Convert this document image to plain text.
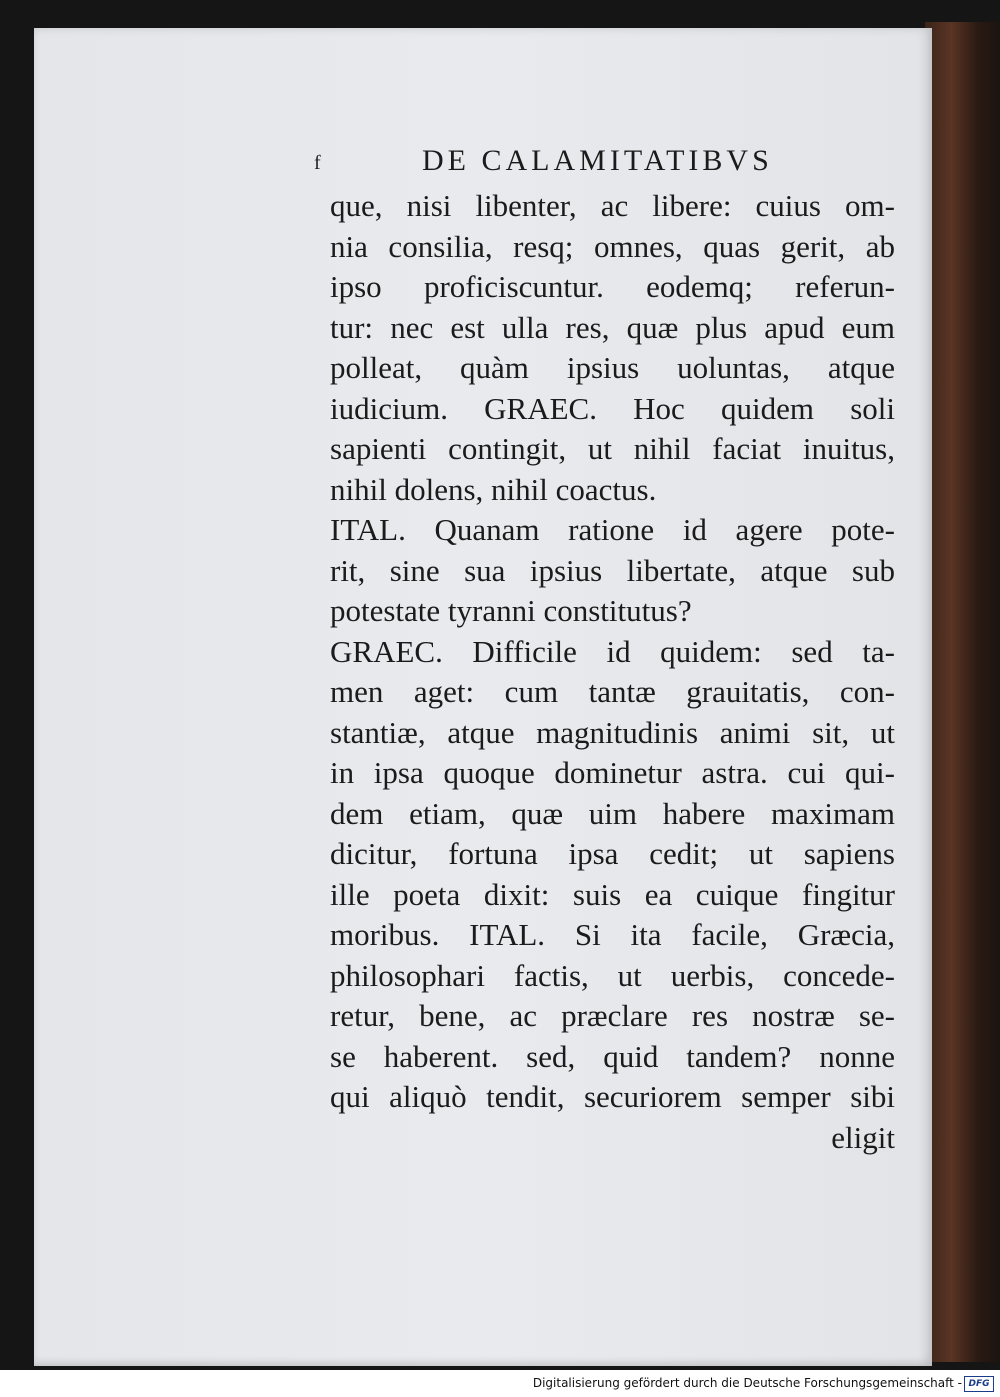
f	DE CALAMITATIBVS
que, nisi libenter, ac libere: cuius om-
nia consilia, resq; omnes, quas gerit, ab
ipso proficiscuntur. eodemq; referun-
tur: nec est ulla res, quæ plus apud eum
polleat, quàm ipsius uoluntas, atque
iudicium. GRAEC. Hoc quidem soli
sapienti contingit, ut nihil faciat inuitus,
nihil dolens, nihil coactus.
ITAL. Quanam ratione id agere pote-
rit, sine sua ipsius libertate, atque sub
potestate tyranni constitutus?
GRAEC. Difficile id quidem: sed ta-
men aget: cum tantæ grauitatis, con-
stantiæ, atque magnitudinis animi sit, ut
in ipsa quoque dominetur astra. cui qui-
dem etiam, quæ uim habere maximam
dicitur, fortuna ipsa cedit; ut sapiens
ille poeta dixit: suis ea cuique fingitur
moribus. ITAL. Si ita facile, Græcia,
philosophari factis, ut uerbis, concede-
retur, bene, ac præclare res nostræ se-
se haberent. sed, quid tandem? nonne
qui aliquò tendit, securiorem semper sibi
eligit
Digitalisierung gefördert durch die Deutsche Forschungsgemeinschaft - DFG
